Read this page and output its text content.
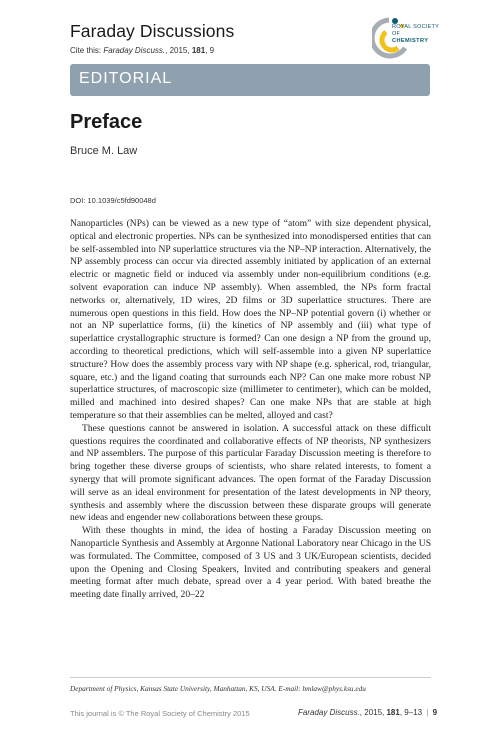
Faraday Discussions
Cite this: Faraday Discuss., 2015, 181, 9
ROYAL SOCIETY
OF
CHEMISTRY
EDITORIAL
Preface
Bruce M. Law
DOI: 10.1039/c5fd90048d

Nanoparticles (NPs) can be viewed as a new type of “atom” with size dependent physical, optical and electronic properties. NPs can be synthesized into monodispersed entities that can be self-assembled into NP superlattice structures via the NP–NP interaction. Alternatively, the NP assembly process can occur via directed assembly initiated by application of an external electric or magnetic field or induced via assembly under non-equilibrium conditions (e.g. solvent evaporation can induce NP assembly). When assembled, the NPs form fractal networks or, alternatively, 1D wires, 2D films or 3D superlattice structures. There are numerous open questions in this field. How does the NP–NP potential govern (i) whether or not an NP superlattice forms, (ii) the kinetics of NP assembly and (iii) what type of superlattice crystallographic structure is formed? Can one design a NP from the ground up, according to theoretical predictions, which will self-assemble into a given NP superlattice structure? How does the assembly process vary with NP shape (e.g. spherical, rod, triangular, square, etc.) and the ligand coating that surrounds each NP? Can one make more robust NP superlattice structures, of macroscopic size (millimeter to centimeter), which can be molded, milled and machined into desired shapes? Can one make NPs that are stable at high temperature so that their assemblies can be melted, alloyed and cast?

These questions cannot be answered in isolation. A successful attack on these difficult questions requires the coordinated and collaborative effects of NP theorists, NP synthesizers and NP assemblers. The purpose of this particular Faraday Discussion meeting is therefore to bring together these diverse groups of scientists, who share related interests, to foment a synergy that will promote significant advances. The open format of the Faraday Discussion will serve as an ideal environment for presentation of the latest developments in NP theory, synthesis and assembly where the discussion between these disparate groups will generate new ideas and engender new collaborations between these groups.

With these thoughts in mind, the idea of hosting a Faraday Discussion meeting on Nanoparticle Synthesis and Assembly at Argonne National Laboratory near Chicago in the US was formulated. The Committee, composed of 3 US and 3 UK/European scientists, decided upon the Opening and Closing Speakers, Invited and contributing speakers and general meeting format after much debate, spread over a 4 year period. With bated breathe the meeting date finally arrived, 20–22

Department of Physics, Kansas State University, Manhattan, KS, USA. E-mail: bmlaw@phys.ksu.edu
This journal is © The Royal Society of Chemistry 2015	Faraday Discuss., 2015, 181, 9–13 | 9
